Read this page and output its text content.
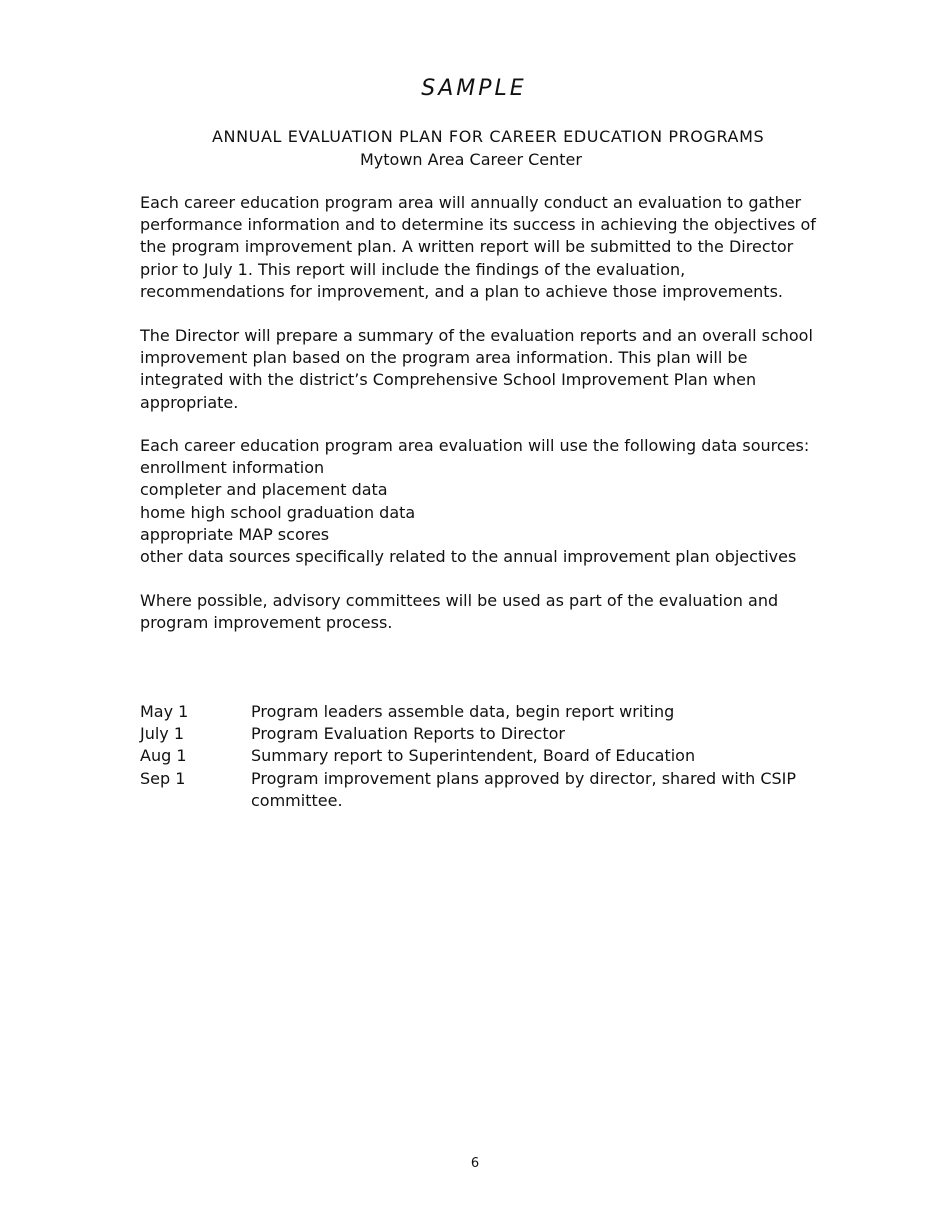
SAMPLE
ANNUAL EVALUATION PLAN FOR CAREER EDUCATION PROGRAMS
Mytown Area Career Center
Each career education program area will annually conduct an evaluation to gather
performance information and to determine its success in achieving the objectives of
the program improvement plan. A written report will be submitted to the Director
prior to July 1. This report will include the findings of the evaluation,
recommendations for improvement, and a plan to achieve those improvements.
The Director will prepare a summary of the evaluation reports and an overall school
improvement plan based on the program area information. This plan will be
integrated with the district’s Comprehensive School Improvement Plan when
appropriate.
Each career education program area evaluation will use the following data sources:
enrollment information
completer and placement data
home high school graduation data
appropriate MAP scores
other data sources specifically related to the annual improvement plan objectives
Where possible, advisory committees will be used as part of the evaluation and
program improvement process.
May 1	Program leaders assemble data, begin report writing
July 1	Program Evaluation Reports to Director
Aug 1	Summary report to Superintendent, Board of Education
Sep 1	Program improvement plans approved by director, shared with CSIP committee.
6
